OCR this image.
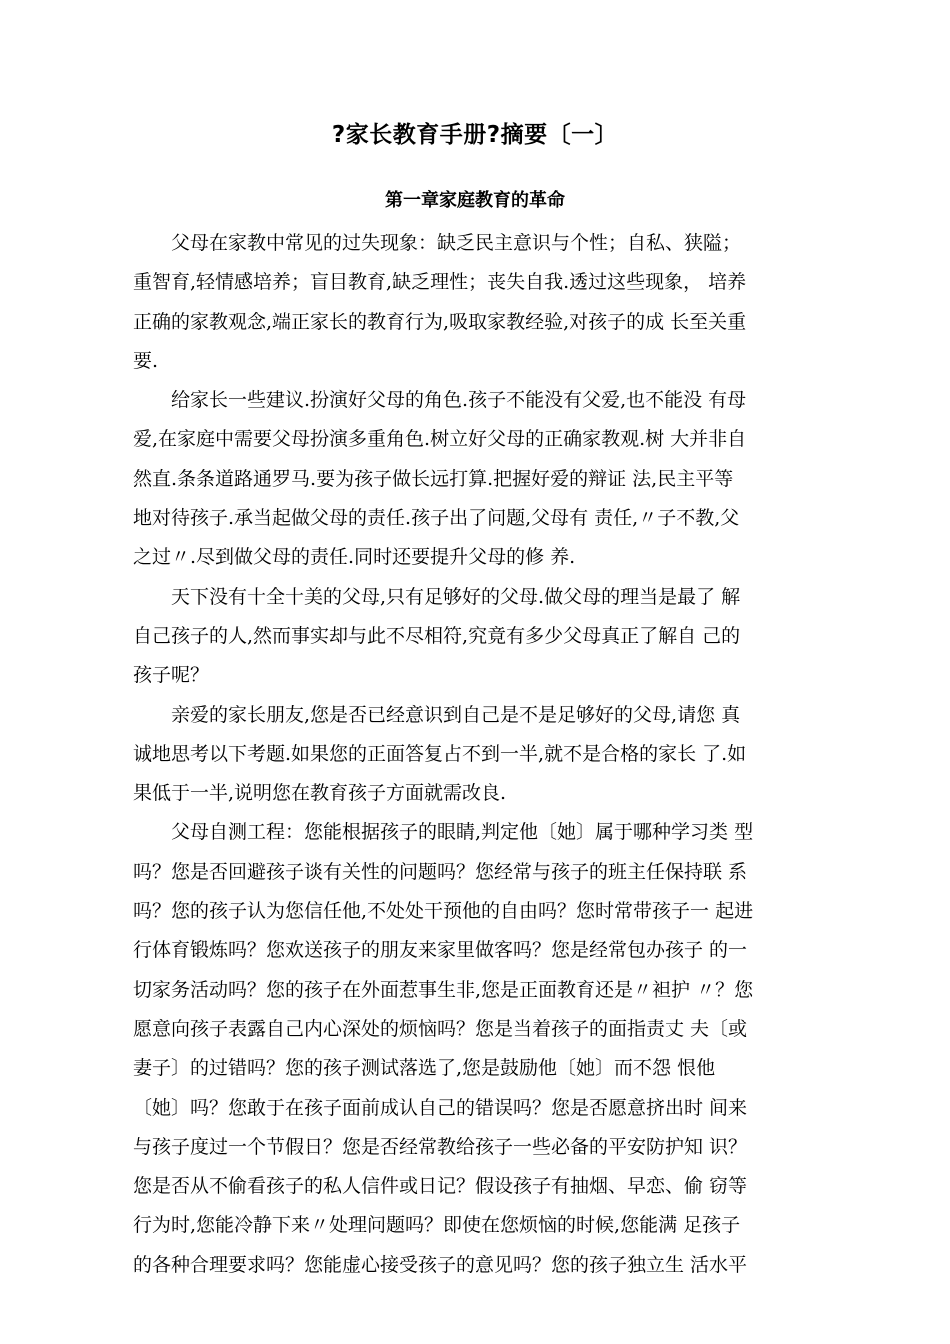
?家长教育手册?摘要〔一〕
第一章家庭教育的革命
父母在家教中常见的过失现象：缺乏民主意识与个性；自私、狭隘；
重智育,轻情感培养；盲目教育,缺乏理性；丧失自我.透过这些现象， 培养
正确的家教观念,端正家长的教育行为,吸取家教经验,对孩子的成 长至关重
要.
给家长一些建议.扮演好父母的角色.孩子不能没有父爱,也不能没 有母
爱,在家庭中需要父母扮演多重角色.树立好父母的正确家教观.树 大并非自
然直.条条道路通罗马.要为孩子做长远打算.把握好爱的辩证 法,民主平等
地对待孩子.承当起做父母的责任.孩子出了问题,父母有 责任,〃子不教,父
之过〃.尽到做父母的责任.同时还要提升父母的修 养.
天下没有十全十美的父母,只有足够好的父母.做父母的理当是最了 解
自己孩子的人,然而事实却与此不尽相符,究竟有多少父母真正了解自 己的
孩子呢？
亲爱的家长朋友,您是否已经意识到自己是不是足够好的父母,请您 真
诚地思考以下考题.如果您的正面答复占不到一半,就不是合格的家长 了.如
果低于一半,说明您在教育孩子方面就需改良.
父母自测工程：您能根据孩子的眼睛,判定他〔她〕属于哪种学习类 型
吗？您是否回避孩子谈有关性的问题吗？您经常与孩子的班主任保持联 系
吗？您的孩子认为您信任他,不处处干预他的自由吗？您时常带孩子一 起进
行体育锻炼吗？您欢送孩子的朋友来家里做客吗？您是经常包办孩子 的一
切家务活动吗？您的孩子在外面惹事生非,您是正面教育还是〃袒护 〃？您
愿意向孩子表露自己内心深处的烦恼吗？您是当着孩子的面指责丈 夫〔或
妻子〕的过错吗？您的孩子测试落选了,您是鼓励他〔她〕而不怨 恨他
〔她〕吗？您敢于在孩子面前成认自己的错误吗？您是否愿意挤出时 间来
与孩子度过一个节假日？您是否经常教给孩子一些必备的平安防护知 识？
您是否从不偷看孩子的私人信件或日记？假设孩子有抽烟、早恋、偷 窃等
行为时,您能冷静下来〃处理问题吗？即使在您烦恼的时候,您能满 足孩子
的各种合理要求吗？您能虚心接受孩子的意见吗？您的孩子独立生 活水平
